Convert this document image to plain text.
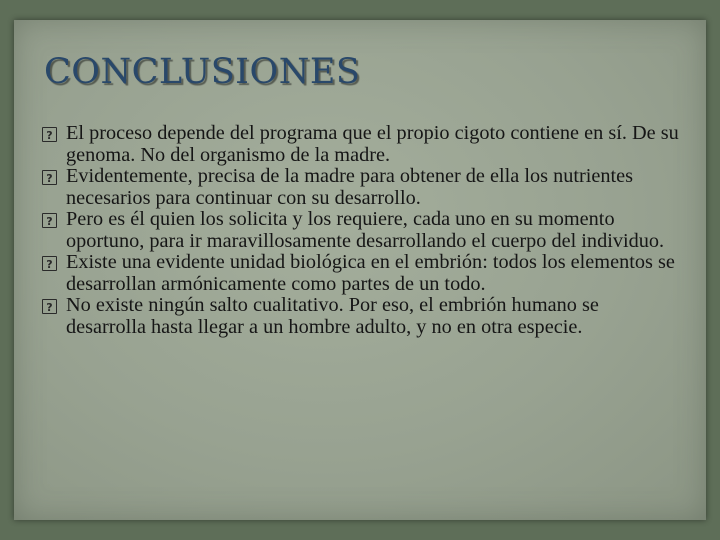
CONCLUSIONES
?
El proceso depende del programa que el propio cigoto contiene en sí. De su genoma. No del organismo de la madre.
?
Evidentemente, precisa de la madre para obtener de ella los nutrientes necesarios para continuar con su desarrollo.
?
Pero es él quien los solicita y los requiere, cada uno en su momento oportuno, para ir maravillosamente desarrollando el cuerpo del individuo.
?
Existe una evidente unidad biológica en el embrión: todos los elementos se desarrollan armónicamente como partes de un todo.
?
No existe ningún salto cualitativo. Por eso, el embrión humano se desarrolla hasta llegar a un hombre adulto, y no en otra especie.
